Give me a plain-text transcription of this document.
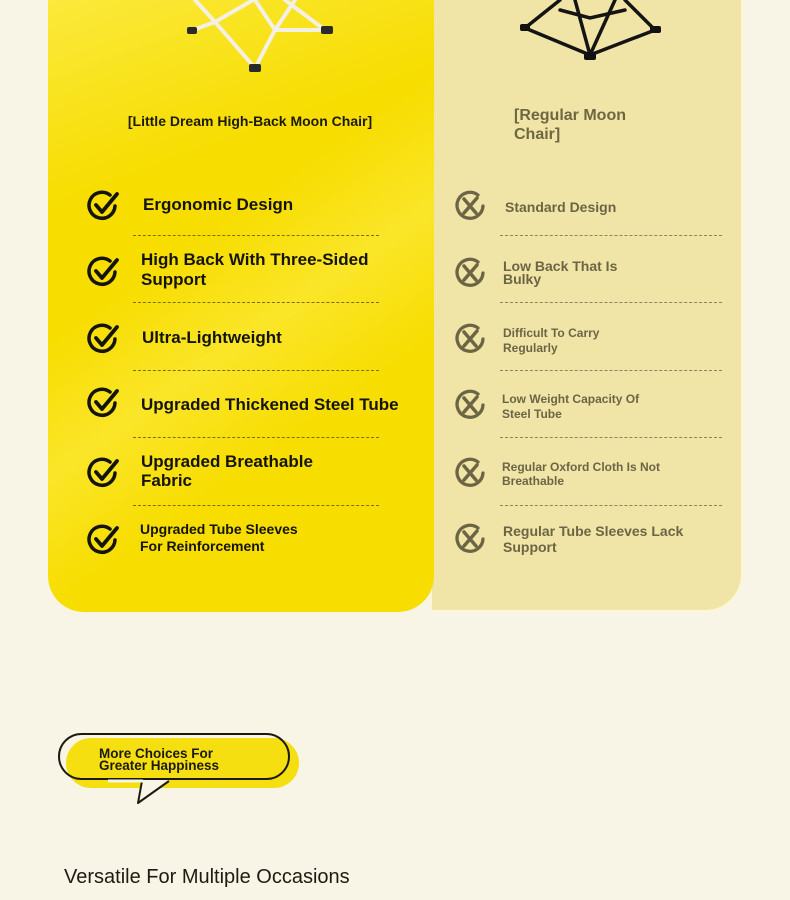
[Little Dream High-Back Moon Chair]	[Regular Moon Chair]
Ergonomic Design
High Back With Three-Sided Support
Ultra-Lightweight
Upgraded Thickened Steel Tube
Upgraded Breathable Fabric
Upgraded Tube Sleeves For Reinforcement
Standard Design
Low Back That Is Bulky
Difficult To Carry Regularly
Low Weight Capacity Of Steel Tube
Regular Oxford Cloth Is Not Breathable
Regular Tube Sleeves Lack Support
More Choices For Greater Happiness
Versatile For Multiple Occasions
